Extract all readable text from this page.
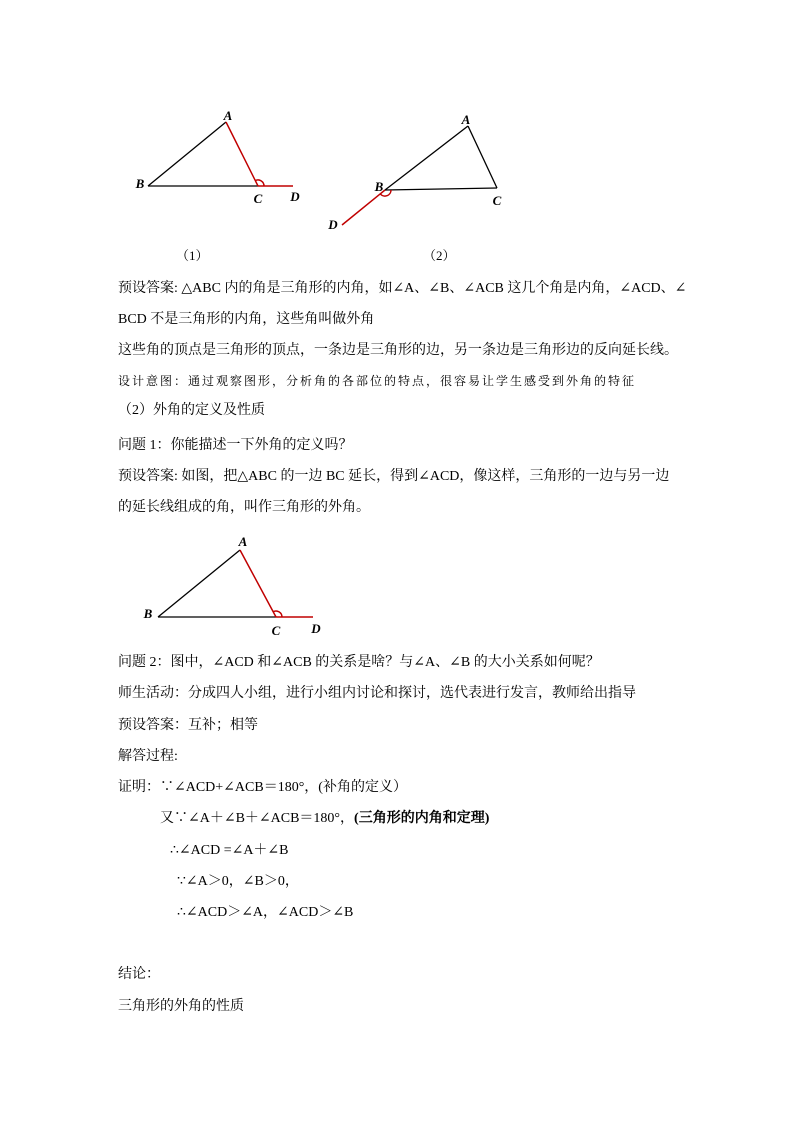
A
B
C D
A
B
C
D
（1）	（2）
预设答案: △ABC 内的角是三角形的内角，如∠A、∠B、∠ACB 这几个角是内角，∠ACD、∠
BCD 不是三角形的内角，这些角叫做外角
这些角的顶点是三角形的顶点，一条边是三角形的边，另一条边是三角形边的反向延长线。
设计意图：通过观察图形，分析角的各部位的特点，很容易让学生感受到外角的特征
（2）外角的定义及性质
问题 1：你能描述一下外角的定义吗？
预设答案: 如图，把△ABC 的一边 BC 延长，得到∠ACD，像这样，三角形的一边与另一边
的延长线组成的角，叫作三角形的外角。
A
B
C D
问题 2：图中，∠ACD 和∠ACB 的关系是啥？与∠A、∠B 的大小关系如何呢？
师生活动：分成四人小组，进行小组内讨论和探讨，选代表进行发言，教师给出指导
预设答案：互补；相等
解答过程:
证明：∵∠ACD+∠ACB＝180°，(补角的定义）
又∵∠A＋∠B＋∠ACB＝180°，(三角形的内角和定理)
∴∠ACD =∠A＋∠B
∵∠A＞0，∠B＞0，
∴∠ACD＞∠A，∠ACD＞∠B
结论：
三角形的外角的性质
